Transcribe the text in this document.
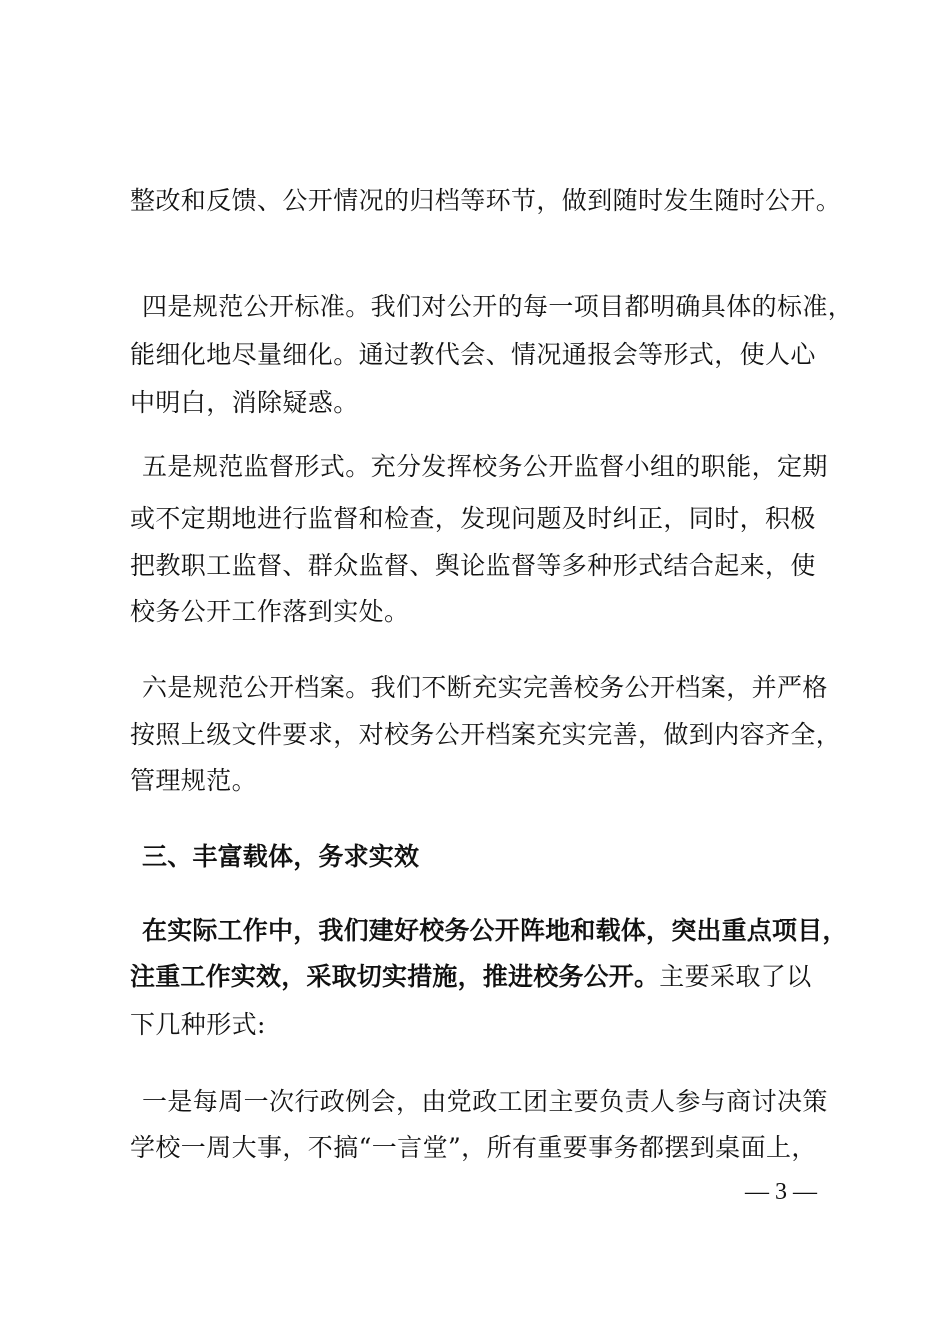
整改和反馈、公开情况的归档等环节，做到随时发生随时公开。
四是规范公开标准。我们对公开的每一项目都明确具体的标准，
能细化地尽量细化。通过教代会、情况通报会等形式，使人心
中明白，消除疑惑。
五是规范监督形式。充分发挥校务公开监督小组的职能，定期
或不定期地进行监督和检查，发现问题及时纠正，同时，积极
把教职工监督、群众监督、舆论监督等多种形式结合起来，使
校务公开工作落到实处。
六是规范公开档案。我们不断充实完善校务公开档案，并严格
按照上级文件要求，对校务公开档案充实完善，做到内容齐全，
管理规范。
三、丰富载体，务求实效
在实际工作中，我们建好校务公开阵地和载体，突出重点项目，
注重工作实效，采取切实措施，推进校务公开。主要采取了以
下几种形式:
一是每周一次行政例会，由党政工团主要负责人参与商讨决策
学校一周大事，不搞“一言堂”，所有重要事务都摆到桌面上，
— 3 —
